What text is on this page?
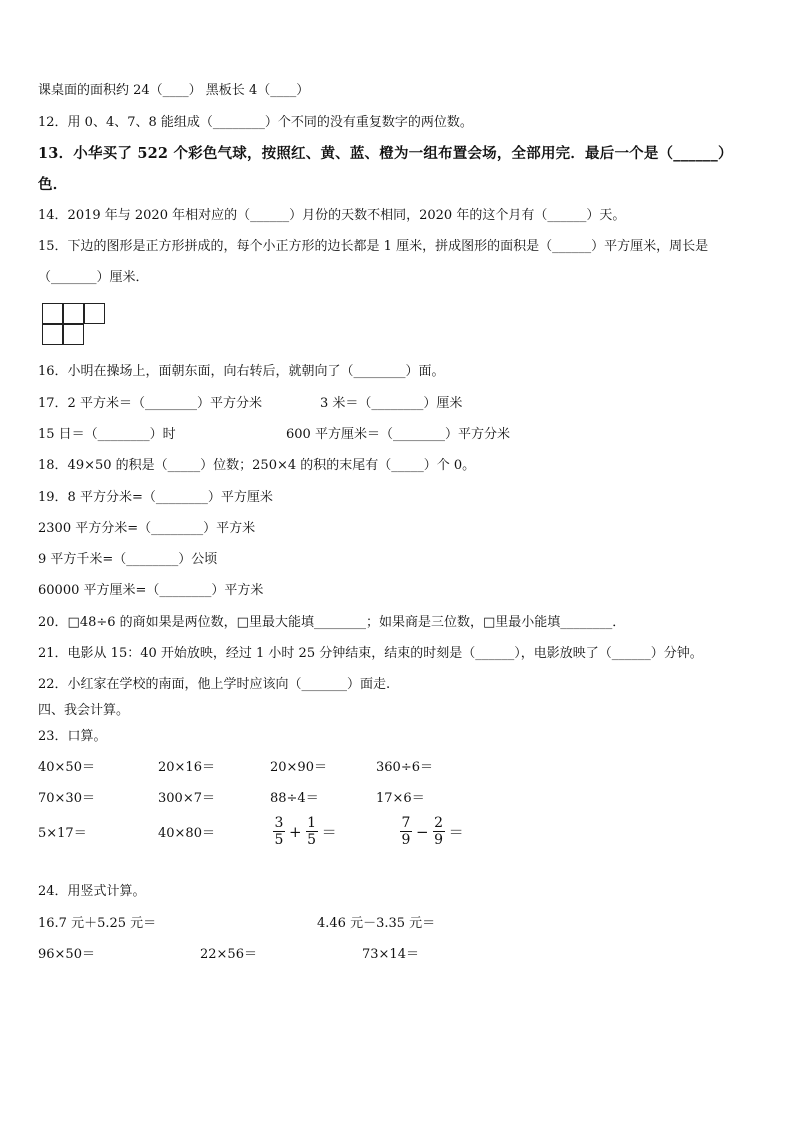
课桌面的面积约 24（____） 黑板长 4（____）
12．用 0、4、7、8 能组成（________）个不同的没有重复数字的两位数。
13．小华买了 522 个彩色气球，按照红、黄、蓝、橙为一组布置会场，全部用完．最后一个是（______）
色．
14．2019 年与 2020 年相对应的（______）月份的天数不相同，2020 年的这个月有（______）天。
15．下边的图形是正方形拼成的，每个小正方形的边长都是 1 厘米，拼成图形的面积是（______）平方厘米，周长是
（_______）厘米．
16．小明在操场上，面朝东面，向右转后，就朝向了（________）面。
17．2 平方米＝（________）平方分米	3 米＝（________）厘米
15 日＝（________）时	600 平方厘米＝（________）平方分米
18．49×50 的积是（_____）位数；250×4 的积的末尾有（_____）个 0。
19．8 平方分米=（________）平方厘米
2300 平方分米=（________）平方米
9 平方千米=（________）公顷
60000 平方厘米=（________）平方米
20．□48÷6 的商如果是两位数，□里最大能填________；如果商是三位数，□里最小能填________．
21．电影从 15：40 开始放映，经过 1 小时 25 分钟结束，结束的时刻是（______），电影放映了（______）分钟。
22．小红家在学校的南面，他上学时应该向（_______）面走.
四、我会计算。
23．口算。
40×50＝	20×16＝	20×90＝	360÷6＝
70×30＝	300×7＝	88÷4＝	17×6＝
5×17＝	40×80＝	$\frac{3}{5} + \frac{1}{5}$ ＝	$\frac{7}{9} - \frac{2}{9}$ ＝
24．用竖式计算。
16.7 元＋5.25 元＝	4.46 元－3.35 元＝
96×50＝	22×56＝	73×14＝
